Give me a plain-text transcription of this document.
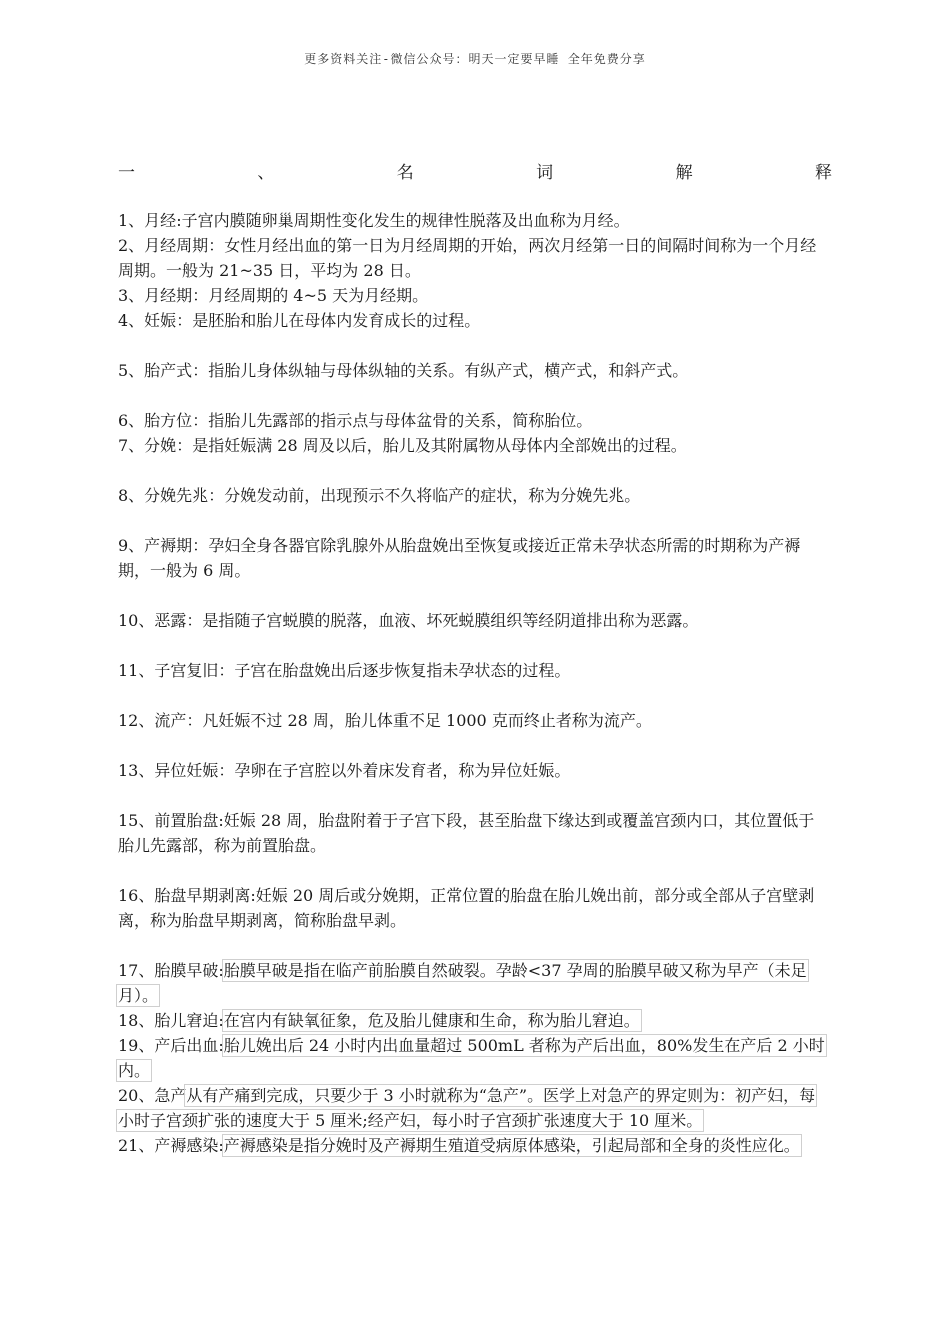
更多资料关注-微信公众号：明天一定要早睡 全年免费分享
一	、	名	词	解	释

1、月经:子宫内膜随卵巢周期性变化发生的规律性脱落及出血称为月经。

2、月经周期：女性月经出血的第一日为月经周期的开始，两次月经第一日的间隔时间称为一个月经周期。一般为 21~35 日，平均为 28 日。

3、月经期：月经周期的 4~5 天为月经期。

4、妊娠：是胚胎和胎儿在母体内发育成长的过程。

5、胎产式：指胎儿身体纵轴与母体纵轴的关系。有纵产式，横产式，和斜产式。

6、胎方位：指胎儿先露部的指示点与母体盆骨的关系，简称胎位。

7、分娩：是指妊娠满 28 周及以后，胎儿及其附属物从母体内全部娩出的过程。

8、分娩先兆：分娩发动前，出现预示不久将临产的症状，称为分娩先兆。

9、产褥期：孕妇全身各器官除乳腺外从胎盘娩出至恢复或接近正常未孕状态所需的时期称为产褥期，一般为 6 周。

10、恶露：是指随子宫蜕膜的脱落，血液、坏死蜕膜组织等经阴道排出称为恶露。

11、子宫复旧：子宫在胎盘娩出后逐步恢复指未孕状态的过程。

12、流产：凡妊娠不过 28 周，胎儿体重不足 1000 克而终止者称为流产。

13、异位妊娠：孕卵在子宫腔以外着床发育者，称为异位妊娠。

15、前置胎盘:妊娠 28 周，胎盘附着于子宫下段，甚至胎盘下缘达到或覆盖宫颈内口，其位置低于胎儿先露部，称为前置胎盘。

16、胎盘早期剥离:妊娠 20 周后或分娩期，正常位置的胎盘在胎儿娩出前，部分或全部从子宫壁剥离，称为胎盘早期剥离，简称胎盘早剥。

17、胎膜早破:胎膜早破是指在临产前胎膜自然破裂。孕龄<37 孕周的胎膜早破又称为早产（未足月）。

18、胎儿窘迫:在宫内有缺氧征象，危及胎儿健康和生命，称为胎儿窘迫。

19、产后出血:胎儿娩出后 24 小时内出血量超过 500mL 者称为产后出血，80%发生在产后 2 小时内。

20、急产从有产痛到完成，只要少于 3 小时就称为“急产”。医学上对急产的界定则为：初产妇，每小时子宫颈扩张的速度大于 5 厘米;经产妇，每小时子宫颈扩张速度大于 10 厘米。

21、产褥感染:产褥感染是指分娩时及产褥期生殖道受病原体感染，引起局部和全身的炎性应化。
